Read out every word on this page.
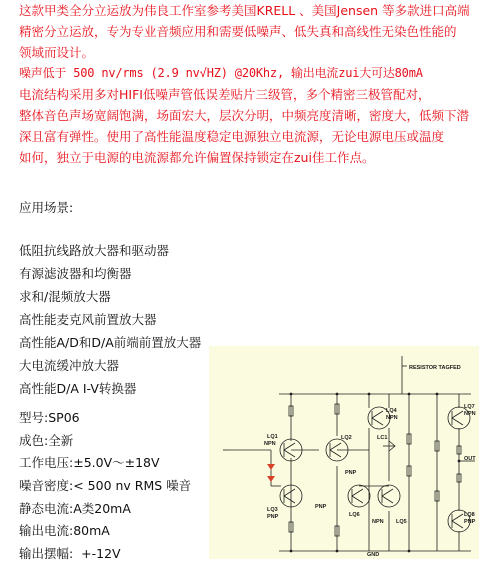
这款甲类全分立运放为伟良工作室参考美国KRELL 、美国Jensen 等多款进口高端
精密分立运放，专为专业音频应用和需要低噪声、低失真和高线性无染色性能的
领域而设计。
噪声低于 500 nv/rms (2.9 nv√HZ) @20Khz, 输出电流zui大可达80mA
电流结构采用多对HIFI低噪声管低误差贴片三级管，多个精密三极管配对，
整体音色声场宽阔饱满，场面宏大，层次分明，中频亮度清晰，密度大，低频下潜
深且富有弹性。使用了高性能温度稳定电源独立电流源，无论电源电压或温度
如何，独立于电源的电流源都允许偏置保持锁定在zui佳工作点。
应用场景:
低阻抗线路放大器和驱动器
有源滤波器和均衡器
求和/混频放大器
高性能麦克风前置放大器
高性能A/D和D/A前端前置放大器
大电流缓冲放大器
高性能D/A I-V转换器
型号:SP06
成色:全新
工作电压:±5.0V～±18V
噪音密度:< 500 nv RMS 噪音
静态电流:A类20mA
输出电流:80mA
输出摆幅:  +-12V
RESISTOR TAGFED
LQ1
NPN
LQ2
PNP
LQ3
PNP
LQ4
NPN
LQ5
NPN
LQ6
PNP
LQ7
NPN
LQ8
PNP
LC1
OUT
GND
